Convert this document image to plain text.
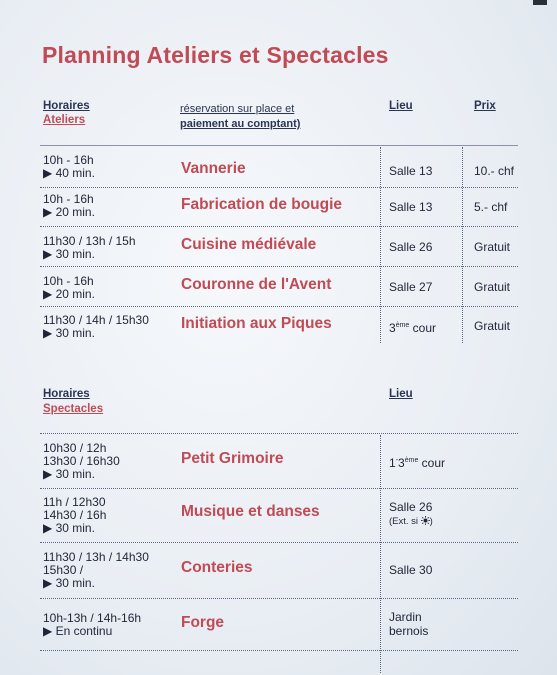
Planning Ateliers et Spectacles
Horaires
Ateliers
réservation sur place et
paiement au comptant)
Lieu	Prix
10h - 16h
▶ 40 min.	Vannerie	Salle 13	10.- chf
10h - 16h
▶ 20 min.	Fabrication de bougie	Salle 13	5.- chf
11h30 / 13h / 15h
▶ 30 min.
Cuisine médiévale	Salle 26	Gratuit
10h - 16h
▶ 20 min.
Couronne de l'Avent	Salle 27	Gratuit
11h30 / 14h / 15h30
▶ 30 min.
Initiation aux Piques	3ème cour	Gratuit
Horaires
Spectacles
Lieu
10h30 / 12h
13h30 / 16h30
▶ 30 min.
Petit Grimoire	1-3ème cour
11h / 12h30
14h30 / 16h
▶ 30 min.
Musique et danses	Salle 26
(Ext. si )
11h30 / 13h / 14h30
15h30 /
▶ 30 min.
Conteries	Salle 30
10h-13h / 14h-16h
▶ En continu	Forge	Jardin
bernois
